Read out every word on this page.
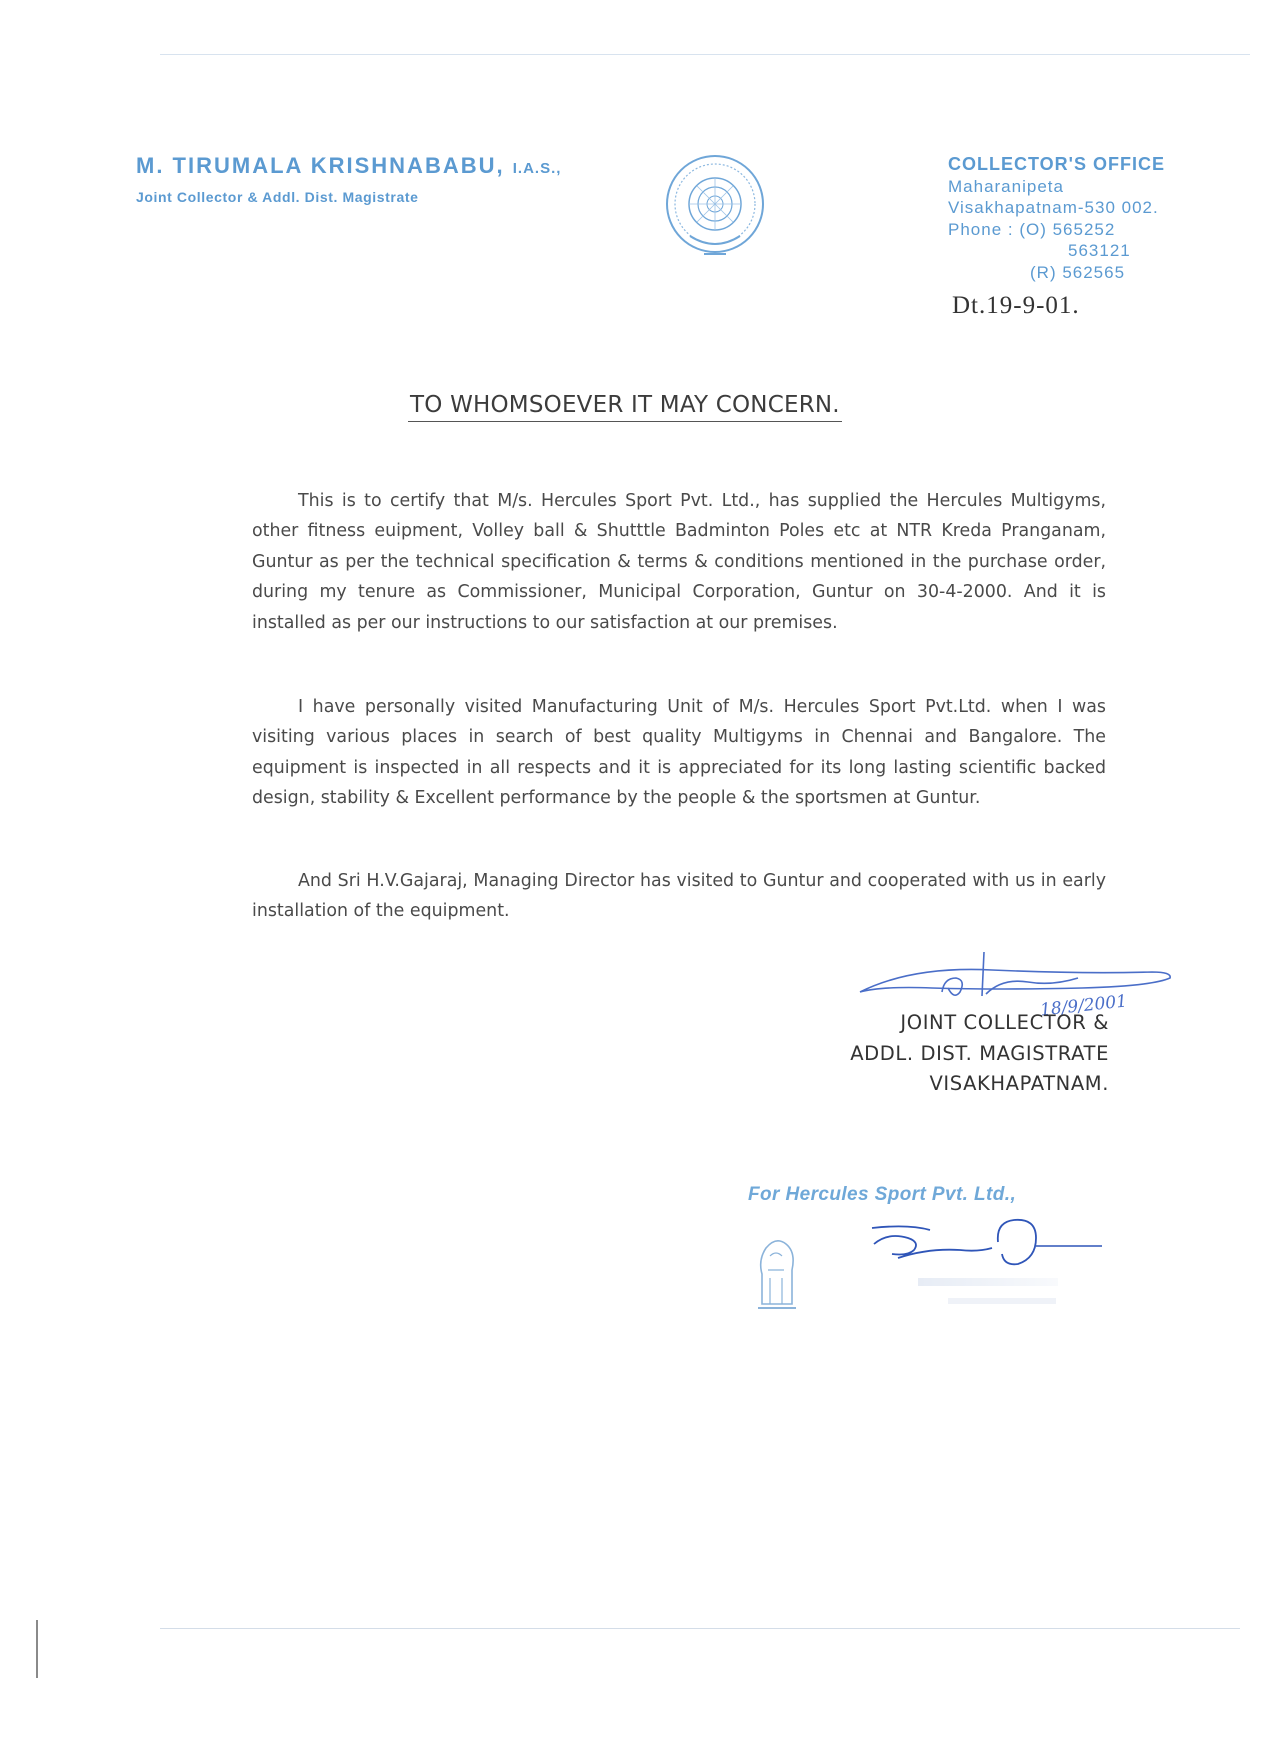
M. TIRUMALA KRISHNABABU, I.A.S.,
Joint Collector & Addl. Dist. Magistrate
COLLECTOR'S OFFICE
Maharanipeta
Visakhapatnam-530 002.
Phone : (O) 565252
563121
(R) 562565
Dt.19-9-01.
TO WHOMSOEVER IT MAY CONCERN.

This is to certify that M/s. Hercules Sport Pvt. Ltd., has supplied the Hercules Multigyms, other fitness euipment, Volley ball & Shutttle Badminton Poles etc at NTR Kreda Pranganam, Guntur as per the technical specification & terms & conditions mentioned in the purchase order, during my tenure as Commissioner, Municipal Corporation, Guntur on 30-4-2000. And it is installed as per our instructions to our satisfaction at our premises.

I have personally visited Manufacturing Unit of M/s. Hercules Sport Pvt.Ltd. when I was visiting various places in search of best quality Multigyms in Chennai and Bangalore. The equipment is inspected in all respects and it is appreciated for its long lasting scientific backed design, stability & Excellent performance by the people & the sportsmen at Guntur.

And Sri H.V.Gajaraj, Managing Director has visited to Guntur and cooperated with us in early installation of the equipment.

18/9/2001
JOINT COLLECTOR &
ADDL. DIST. MAGISTRATE
VISAKHAPATNAM.
For Hercules Sport Pvt. Ltd.,
